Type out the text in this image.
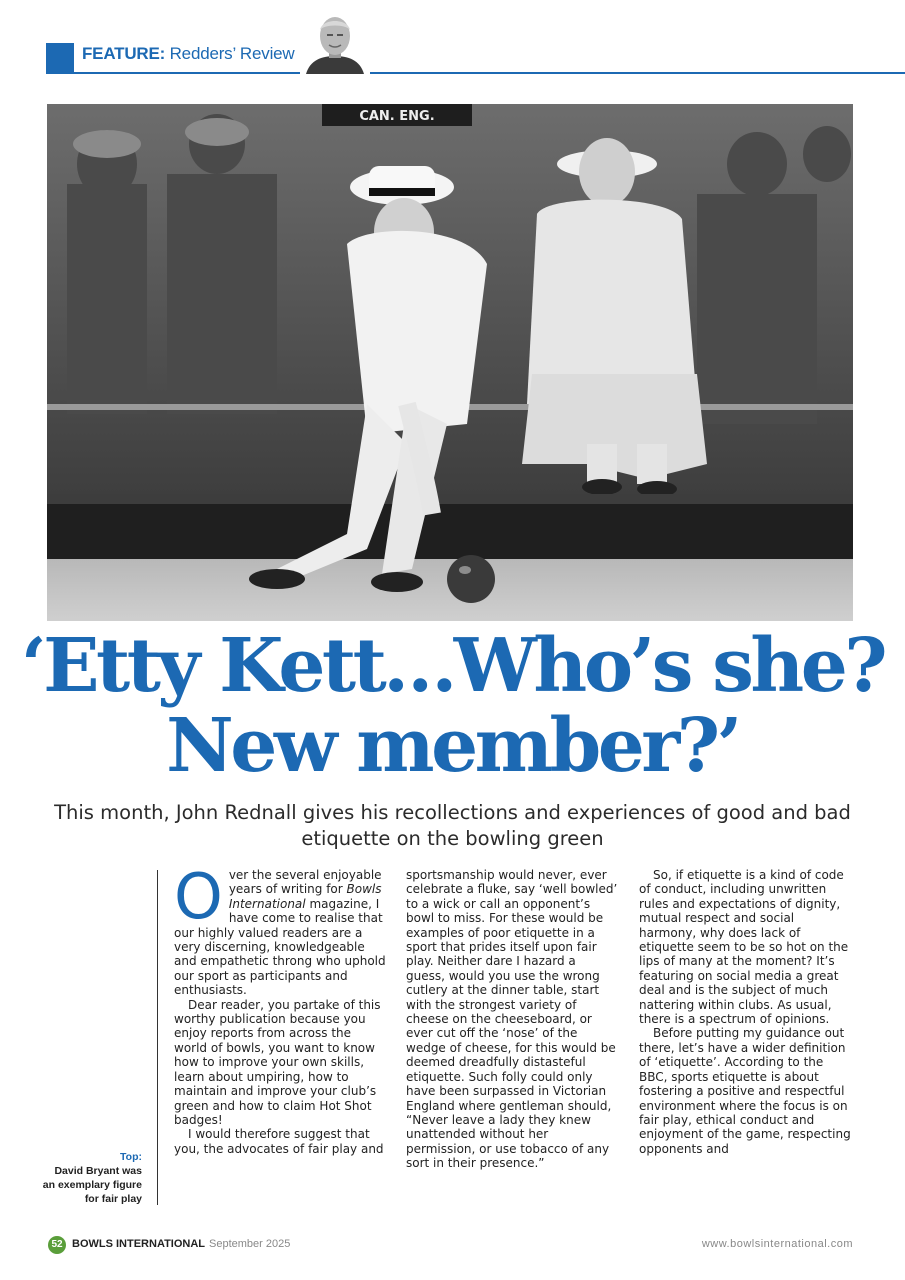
FEATURE: Redders’ Review
CAN. ENG.
‘Etty Kett…Who’s she?
New member?’
This month, John Rednall gives his recollections and experiences of good and bad etiquette on the bowling green
Top:
David Bryant was an exemplary figure for fair play

Over the several enjoyable years of writing for Bowls International magazine, I have come to realise that our highly valued readers are a very discerning, knowledgeable and empathetic throng who uphold our sport as participants and enthusiasts.

Dear reader, you partake of this worthy publication because you enjoy reports from across the world of bowls, you want to know how to improve your own skills, learn about umpiring, how to maintain and improve your club’s green and how to claim Hot Shot badges!

I would therefore suggest that you, the advocates of fair play and

sportsmanship would never, ever celebrate a fluke, say ‘well bowled’ to a wick or call an opponent’s bowl to miss. For these would be examples of poor etiquette in a sport that prides itself upon fair play. Neither dare I hazard a guess, would you use the wrong cutlery at the dinner table, start with the strongest variety of cheese on the cheeseboard, or ever cut off the ‘nose’ of the wedge of cheese, for this would be deemed dreadfully distasteful etiquette. Such folly could only have been surpassed in Victorian England where gentleman should, “Never leave a lady they knew unattended without her permission, or use tobacco of any sort in their presence.”

So, if etiquette is a kind of code of conduct, including unwritten rules and expectations of dignity, mutual respect and social harmony, why does lack of etiquette seem to be so hot on the lips of many at the moment? It’s featuring on social media a great deal and is the subject of much nattering within clubs. As usual, there is a spectrum of opinions.

Before putting my guidance out there, let’s have a wider definition of ‘etiquette’. According to the BBC, sports etiquette is about fostering a positive and respectful environment where the focus is on fair play, ethical conduct and enjoyment of the game, respecting opponents and

52 BOWLS INTERNATIONAL September 2025	www.bowlsinternational.com
